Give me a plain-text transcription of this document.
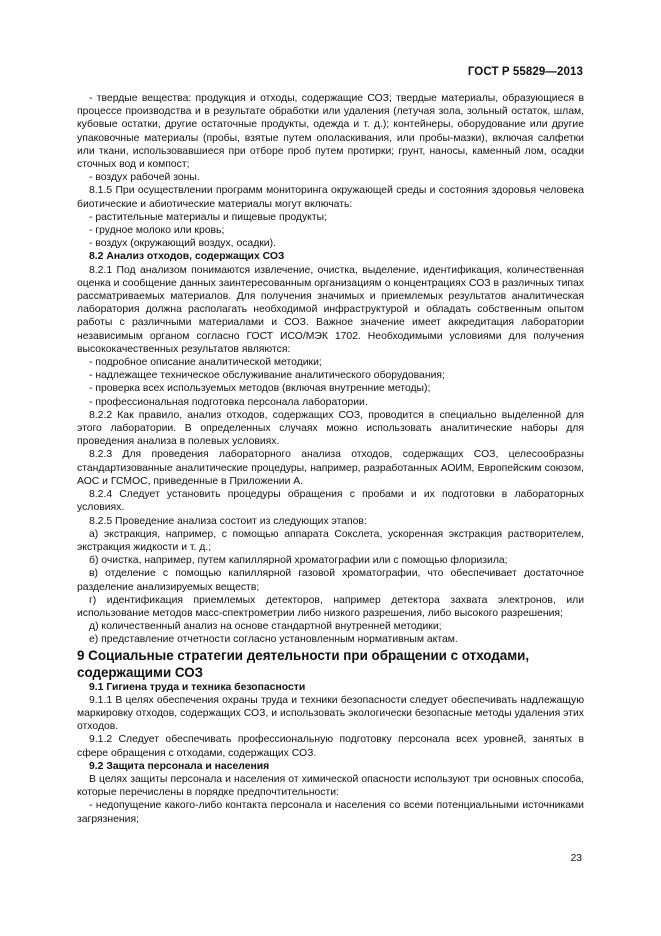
ГОСТ Р 55829—2013

- твердые вещества: продукция и отходы, содержащие СОЗ; твердые материалы, образующиеся в процессе производства и в результате обработки или удаления (летучая зола, зольный остаток, шлам, кубовые остатки, другие остаточные продукты, одежда и т. д.); контейнеры, оборудование или другие упаковочные материалы (пробы, взятые путем ополаскивания, или пробы-мазки), включая салфетки или ткани, использовавшиеся при отборе проб путем протирки; грунт, наносы, каменный лом, осадки сточных вод и компост;

- воздух рабочей зоны.

8.1.5 При осуществлении программ мониторинга окружающей среды и состояния здоровья человека биотические и абиотические материалы могут включать:

- растительные материалы и пищевые продукты;

- грудное молоко или кровь;

- воздух (окружающий воздух, осадки).

8.2 Анализ отходов, содержащих СОЗ

8.2.1 Под анализом понимаются извлечение, очистка, выделение, идентификация, количественная оценка и сообщение данных заинтересованным организациям о концентрациях СОЗ в различных типах рассматриваемых материалов. Для получения значимых и приемлемых результатов аналитическая лаборатория должна располагать необходимой инфраструктурой и обладать собственным опытом работы с различными материалами и СОЗ. Важное значение имеет аккредитация лаборатории независимым органом согласно ГОСТ ИСО/МЭК 1702. Необходимыми условиями для получения высококачественных результатов являются:

- подробное описание аналитической методики;

- надлежащее техническое обслуживание аналитического оборудования;

- проверка всех используемых методов (включая внутренние методы);

- профессиональная подготовка персонала лаборатории.

8.2.2 Как правило, анализ отходов, содержащих СОЗ, проводится в специально выделенной для этого лаборатории. В определенных случаях можно использовать аналитические наборы для проведения анализа в полевых условиях.

8.2.3 Для проведения лабораторного анализа отходов, содержащих СОЗ, целесообразны стандартизованные аналитические процедуры, например, разработанных АОИМ, Европейским союзом, АОС и ГСМОС, приведенные в Приложении А.

8.2.4 Следует установить процедуры обращения с пробами и их подготовки в лабораторных условиях.

8.2.5 Проведение анализа состоит из следующих этапов:

а) экстракция, например, с помощью аппарата Сокслета, ускоренная экстракция растворителем, экстракция жидкости и т. д.;

б) очистка, например, путем капиллярной хроматографии или с помощью флоризила;

в) отделение с помощью капиллярной газовой хроматографии, что обеспечивает достаточное разделение анализируемых веществ;

г) идентификация приемлемых детекторов, например детектора захвата электронов, или использование методов масс-спектрометрии либо низкого разрешения, либо высокого разрешения;

д) количественный анализ на основе стандартной внутренней методики;

е) представление отчетности согласно установленным нормативным актам.

9 Социальные стратегии деятельности при обращении с отходами, содержащими СОЗ

9.1 Гигиена труда и техника безопасности

9.1.1 В целях обеспечения охраны труда и техники безопасности следует обеспечивать надлежащую маркировку отходов, содержащих СОЗ, и использовать экологически безопасные методы удаления этих отходов.

9.1.2 Следует обеспечивать профессиональную подготовку персонала всех уровней, занятых в сфере обращения с отходами, содержащих СОЗ.

9.2 Защита персонала и населения

В целях защиты персонала и населения от химической опасности используют три основных способа, которые перечислены в порядке предпочтительности:

- недопущение какого-либо контакта персонала и населения со всеми потенциальными источниками загрязнения;

23
